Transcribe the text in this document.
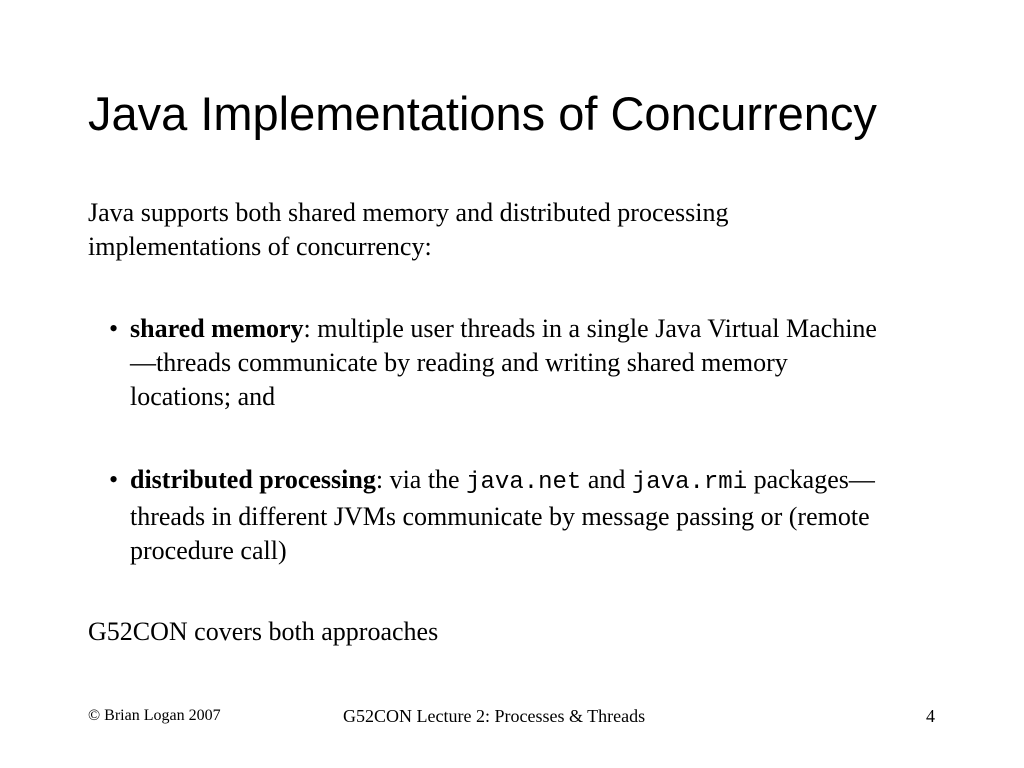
Java Implementations of Concurrency

Java supports both shared memory and distributed processing implementations of concurrency:

• shared memory: multiple user threads in a single Java Virtual Machine—threads communicate by reading and writing shared memory locations; and
• distributed processing: via the java.net and java.rmi packages—threads in different JVMs communicate by message passing or (remote procedure call)

G52CON covers both approaches

© Brian Logan 2007	G52CON Lecture 2: Processes & Threads	4
